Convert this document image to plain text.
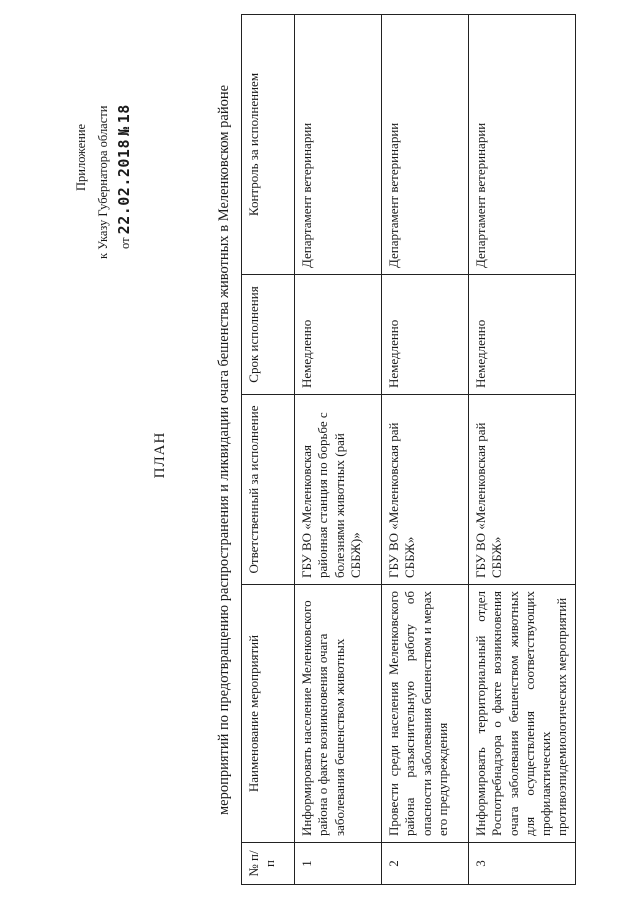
Приложение к Указу Губернатора области от 22.02.2018 № 18
ПЛАН	мероприятий по предотвращению распространения и ликвидации очага бешенства животных в Меленковском районе
№ п/п	Наименование мероприятий	Ответственный за исполнение	Срок исполнения	Контроль за исполнением
1	Информировать население Меленковского района о факте возникновения очага заболевания бешенством животных	ГБУ ВО «Меленковская районная станция по борьбе с болезнями животных (рай СББЖ)»	Немедленно	Департамент ветеринарии
2	Провести среди населения Меленковского района разъяснительную работу об опасности заболевания бешенством и мерах его предупреждения	ГБУ ВО «Меленковская рай СББЖ»	Немедленно	Департамент ветеринарии
3	Информировать территориальный отдел Роспотребнадзора о факте возникновения очага заболевания бешенством животных для осуществления соответствующих профилактических противоэпидемиологических мероприятий	ГБУ ВО «Меленковская рай СББЖ»	Немедленно	Департамент ветеринарии
